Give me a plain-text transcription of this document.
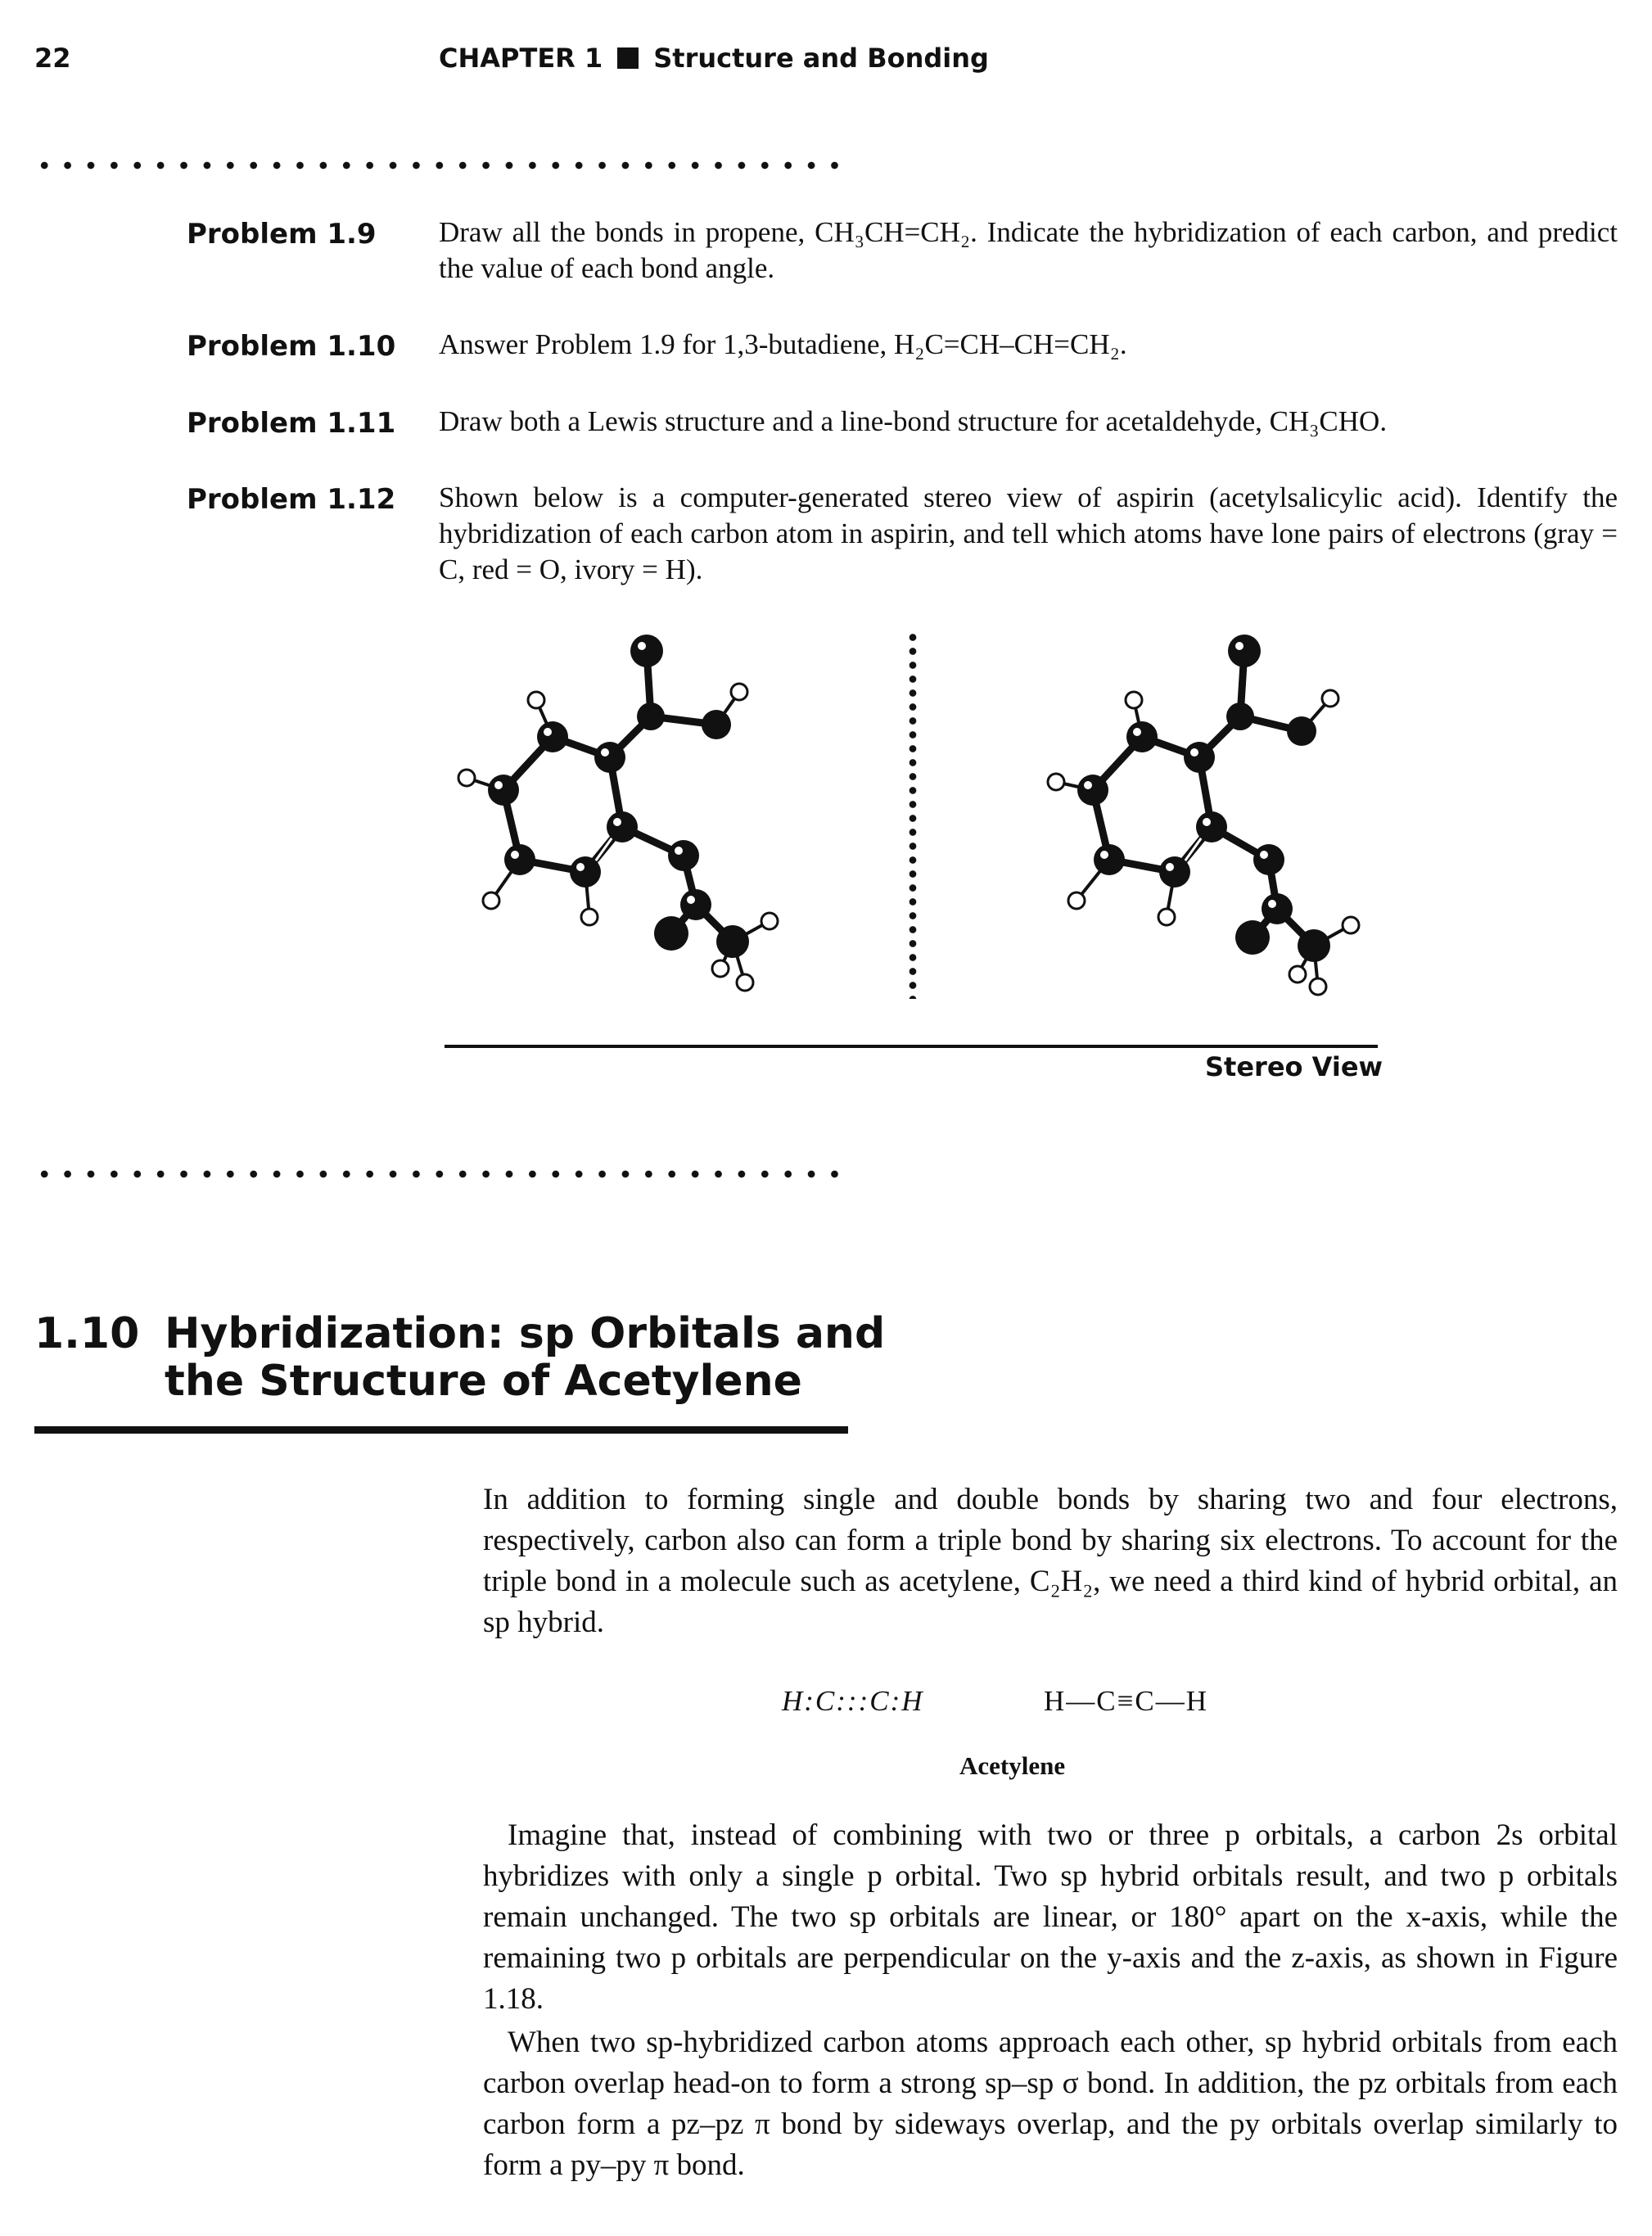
22	CHAPTER 1 Structure and Bonding
Problem 1.9 Draw all the bonds in propene, CH₃CH=CH₂. Indicate the hybridization of each carbon, and predict the value of each bond angle.
Problem 1.10 Answer Problem 1.9 for 1,3-butadiene, H₂C=CH–CH=CH₂.
Problem 1.11 Draw both a Lewis structure and a line-bond structure for acetaldehyde, CH₃CHO.
Problem 1.12 Shown below is a computer-generated stereo view of aspirin (acetylsalicylic acid). Identify the hybridization of each carbon atom in aspirin, and tell which atoms have lone pairs of electrons (gray = C, red = O, ivory = H).
Stereo View
1.10 Hybridization: sp Orbitals and
the Structure of Acetylene
In addition to forming single and double bonds by sharing two and four electrons, respectively, carbon also can form a triple bond by sharing six electrons. To account for the triple bond in a molecule such as acetylene, C₂H₂, we need a third kind of hybrid orbital, an sp hybrid.
H:C:::C:H	H—C≡C—H
Acetylene
Imagine that, instead of combining with two or three p orbitals, a carbon 2s orbital hybridizes with only a single p orbital. Two sp hybrid orbitals result, and two p orbitals remain unchanged. The two sp orbitals are linear, or 180° apart on the x-axis, while the remaining two p orbitals are perpendicular on the y-axis and the z-axis, as shown in Figure 1.18.
When two sp-hybridized carbon atoms approach each other, sp hybrid orbitals from each carbon overlap head-on to form a strong sp–sp σ bond. In addition, the pz orbitals from each carbon form a pz–pz π bond by sideways overlap, and the py orbitals overlap similarly to form a py–py π bond.
